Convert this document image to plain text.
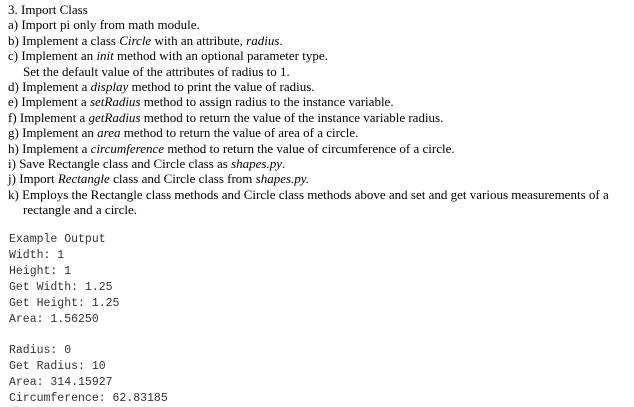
3. Import Class
a) Import pi only from math module.
b) Implement a class Circle with an attribute, radius.
c) Implement an init method with an optional parameter type.
Set the default value of the attributes of radius to 1.
d) Implement a display method to print the value of radius.
e) Implement a setRadius method to assign radius to the instance variable.
f) Implement a getRadius method to return the value of the instance variable radius.
g) Implement an area method to return the value of area of a circle.
h) Implement a circumference method to return the value of circumference of a circle.
i) Save Rectangle class and Circle class as shapes.py.
j) Import Rectangle class and Circle class from shapes.py.
k) Employs the Rectangle class methods and Circle class methods above and set and get various measurements of a
rectangle and a circle.
Example Output
Width: 1
Height: 1
Get Width: 1.25
Get Height: 1.25
Area: 1.56250
Radius: 0
Get Radius: 10
Area: 314.15927
Circumference: 62.83185
